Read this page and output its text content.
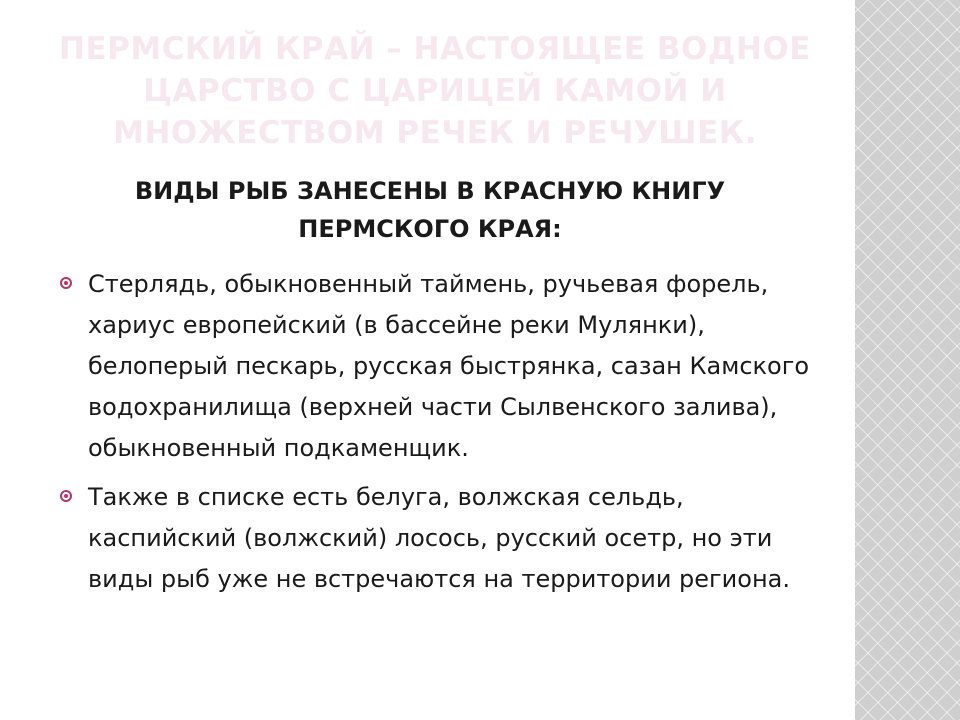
ПЕРМСКИЙ КРАЙ – НАСТОЯЩЕЕ ВОДНОЕ ЦАРСТВО С ЦАРИЦЕЙ КАМОЙ И МНОЖЕСТВОМ РЕЧЕК И РЕЧУШЕК.
ВИДЫ РЫБ ЗАНЕСЕНЫ В КРАСНУЮ КНИГУ ПЕРМСКОГО КРАЯ:
Стерлядь, обыкновенный таймень, ручьевая форель, хариус европейский (в бассейне реки Мулянки), белоперый пескарь, русская быстрянка, сазан Камского водохранилища (верхней части Сылвенского залива), обыкновенный подкаменщик.
Также в списке есть белуга, волжская сельдь, каспийский (волжский) лосось, русский осетр, но эти виды рыб уже не встречаются на территории региона.
